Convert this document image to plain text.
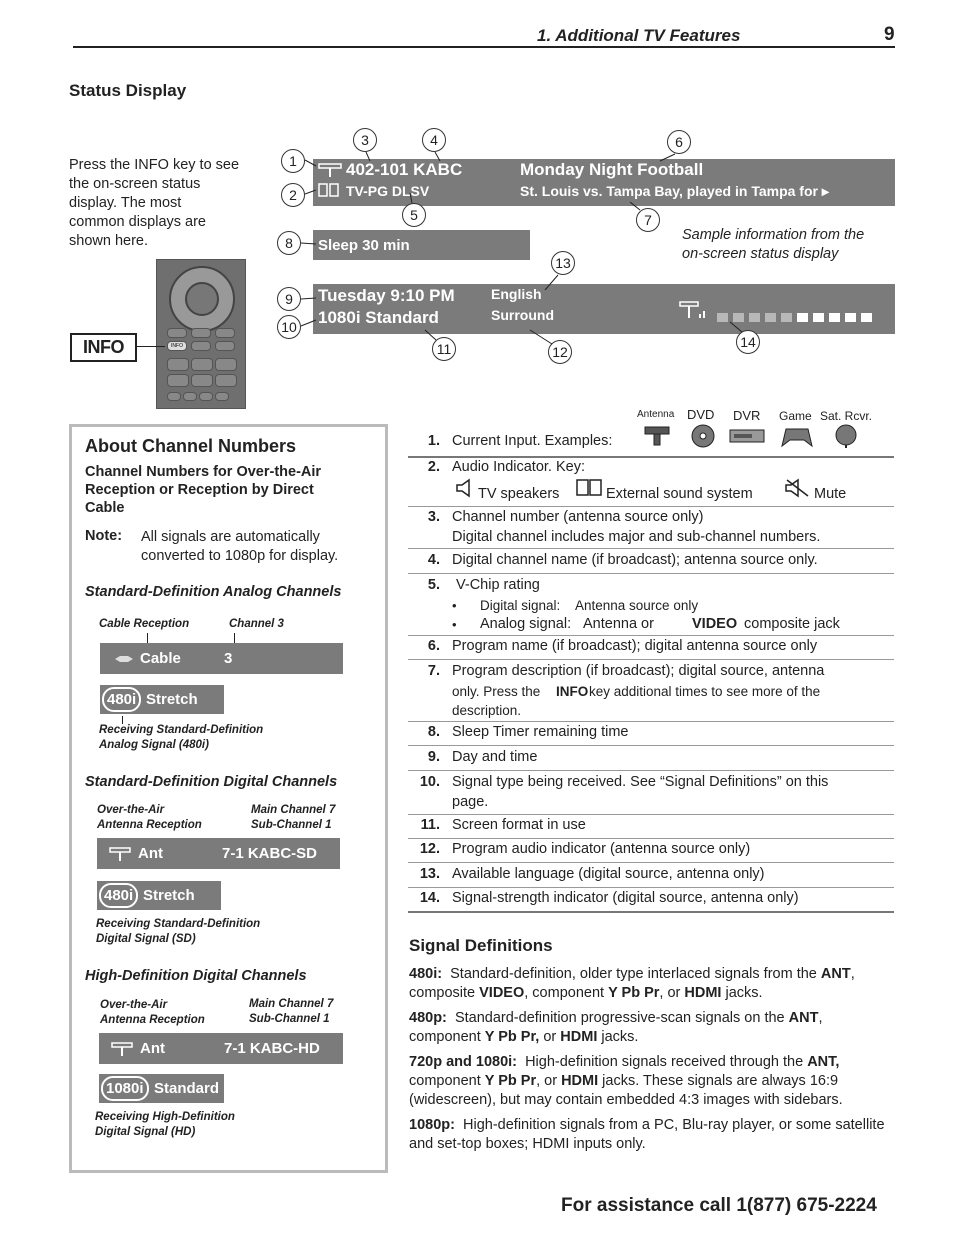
1. Additional TV Features	9
Status Display
Press the INFO key to see
the on-screen status
display. The most
common displays are
shown here.
INFO
INFO
402-101 KABC
TV-PG DLSV
Monday Night Football
St. Louis vs. Tampa Bay, played in Tampa for ▸
Sleep 30 min
Sample information from the
on-screen status display
Tuesday 9:10 PM
1080i Standard
English
Surround
1
2
3	4
5
6
7
8
9
10
11	12
13
14
About Channel Numbers
Channel Numbers for Over-the-Air
Reception or Reception by Direct
Cable
Note: All signals are automatically
converted to 1080p for display.
Standard-Definition Analog Channels
Cable Reception	Channel 3
Cable	3
480i Stretch
Receiving Standard-Definition
Analog Signal (480i)
Standard-Definition Digital Channels
Over-the-Air
Antenna Reception
Main Channel 7
Sub-Channel 1
Ant	7-1 KABC-SD
480i Stretch
Receiving Standard-Definition
Digital Signal (SD)
High-Definition Digital Channels
Over-the-Air
Antenna Reception
Main Channel 7
Sub-Channel 1
Ant	7-1 KABC-HD
1080i Standard
Receiving High-Definition
Digital Signal (HD)
Antenna DVD DVR Game Sat. Rcvr.
1. Current Input. Examples:
2. Audio Indicator. Key:
TV speakers	External sound system	Mute
3. Channel number (antenna source only)
Digital channel includes major and sub-channel numbers.
4. Digital channel name (if broadcast); antenna source only.
5. V-Chip rating
• Digital signal: Antenna source only
• Analog signal: Antenna or	VIDEO composite jack
6. Program name (if broadcast); digital antenna source only
7. Program description (if broadcast); digital source, antenna
only. Press the INFO key additional times to see more of the
description.
8. Sleep Timer remaining time
9. Day and time
10. Signal type being received. See “Signal Definitions” on this
page.
11. Screen format in use
12. Program audio indicator (antenna source only)
13. Available language (digital source, antenna only)
14. Signal-strength indicator (digital source, antenna only)
Signal Definitions

480i: Standard-definition, older type interlaced signals from the ANT, composite VIDEO, component Y Pb Pr, or HDMI jacks.

480p: Standard-definition progressive-scan signals on the ANT, component Y Pb Pr, or HDMI jacks.

720p and 1080i: High-definition signals received through the ANT, component Y Pb Pr, or HDMI jacks. These signals are always 16:9 (widescreen), but may contain embedded 4:3 images with sidebars.

1080p: High-definition signals from a PC, Blu-ray player, or some satellite and set-top boxes; HDMI inputs only.

For assistance call 1(877) 675-2224
